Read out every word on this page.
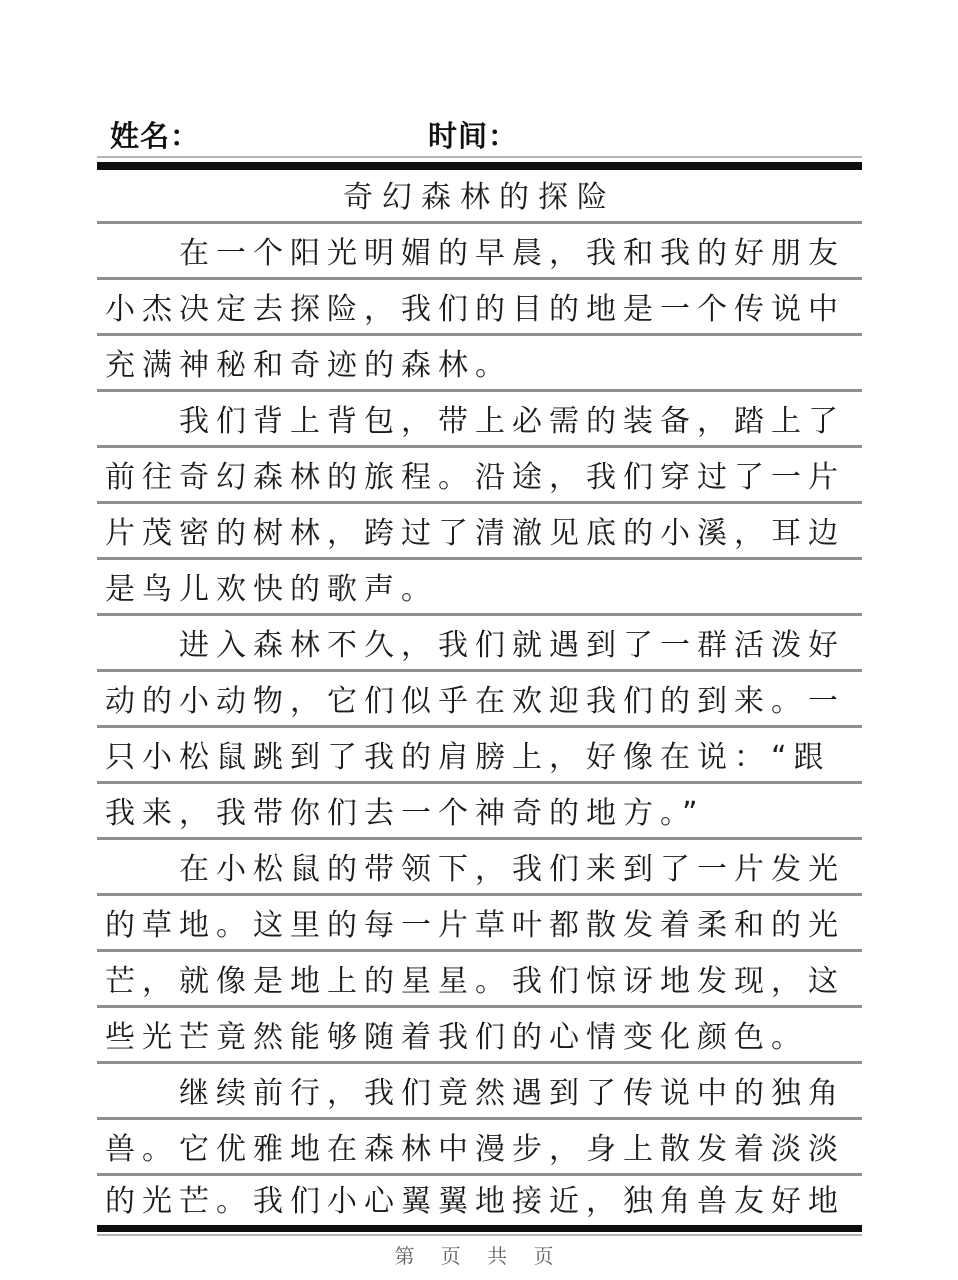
姓名：	时间：
奇幻森林的探险
在一个阳光明媚的早晨，我和我的好朋友
小杰决定去探险，我们的目的地是一个传说中
充满神秘和奇迹的森林。
我们背上背包，带上必需的装备，踏上了
前往奇幻森林的旅程。沿途，我们穿过了一片
片茂密的树林，跨过了清澈见底的小溪，耳边
是鸟儿欢快的歌声。
进入森林不久，我们就遇到了一群活泼好
动的小动物，它们似乎在欢迎我们的到来。一
只小松鼠跳到了我的肩膀上，好像在说：“跟
我来，我带你们去一个神奇的地方。”
在小松鼠的带领下，我们来到了一片发光
的草地。这里的每一片草叶都散发着柔和的光
芒，就像是地上的星星。我们惊讶地发现，这
些光芒竟然能够随着我们的心情变化颜色。
继续前行，我们竟然遇到了传说中的独角
兽。它优雅地在森林中漫步，身上散发着淡淡
的光芒。我们小心翼翼地接近，独角兽友好地
第 页 共 页
